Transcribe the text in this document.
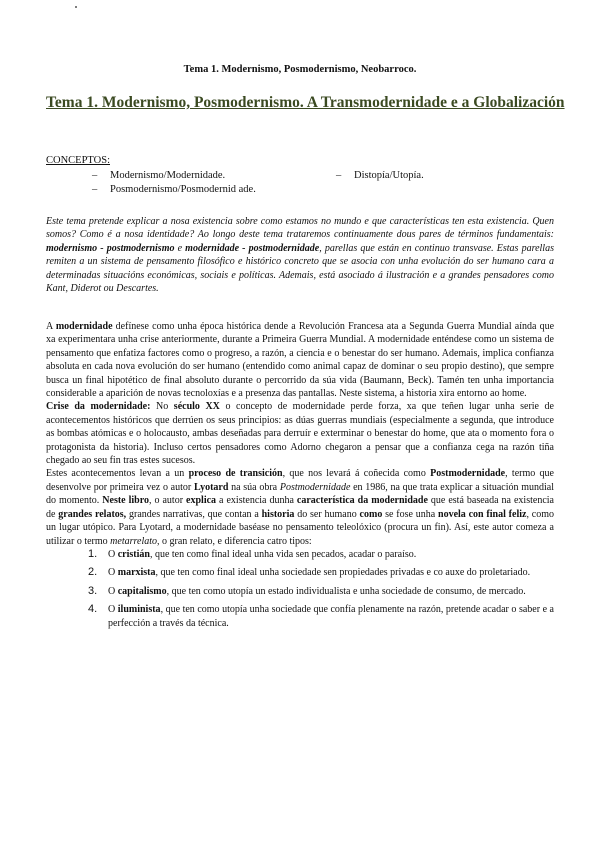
Tema 1. Modernismo, Posmodernismo, Neobarroco.
Tema 1. Modernismo, Posmodernismo. A Transmodernidade e a Globalización
CONCEPTOS:
– Modernismo/Modernidade.
– Posmodernismo/Posmodernid ade.
– Distopía/Utopía.

Este tema pretende explicar a nosa existencia sobre como estamos no mundo e que características ten esta existencia. Quen somos? Como é a nosa identidade? Ao longo deste tema trataremos continuamente dous pares de términos fundamentais: modernismo - postmodernismo e modernidade - postmodernidade, parellas que están en continuo transvase. Estas parellas remiten a un sistema de pensamento filosófico e histórico concreto que se asocia con unha evolución do ser humano cara a determinadas situacións económicas, sociais e políticas. Ademais, está asociado á ilustración e a grandes pensadores como Kant, Diderot ou Descartes.

A modernidade defínese como unha época histórica dende a Revolución Francesa ata a Segunda Guerra Mundial aínda que xa experimentara unha crise anteriormente, durante a Primeira Guerra Mundial. A modernidade enténdese como un sistema de pensamento que enfatiza factores como o progreso, a razón, a ciencia e o benestar do ser humano. Ademais, implica confianza absoluta en cada nova evolución do ser humano (entendido como animal capaz de dominar o seu propio destino), que sempre busca un final hipotético de final absoluto durante o percorrido da súa vida (Baumann, Beck). Tamén ten unha importancia considerable a aparición de novas tecnoloxías e a presenza das pantallas. Neste sistema, a historia xira entorno ao home.

Crise da modernidade: No século XX o concepto de modernidade perde forza, xa que teñen lugar unha serie de acontecementos históricos que derrúen os seus principios: as dúas guerras mundiais (especialmente a segunda, que introduce as bombas atómicas e o holocausto, ambas deseñadas para derruír e exterminar o benestar do home, que ata o momento fora o protagonista da historia). Incluso certos pensadores como Adorno chegaron a pensar que a confianza cega na razón tiña chegado ao seu fin tras estes sucesos.

Estes acontecementos levan a un proceso de transición, que nos levará á coñecida como Postmodernidade, termo que desenvolve por primeira vez o autor Lyotard na súa obra Postmodernidade en 1986, na que trata explicar a situación mundial do momento. Neste libro, o autor explica a existencia dunha característica da modernidade que está baseada na existencia de grandes relatos, grandes narrativas, que contan a historia do ser humano como se fose unha novela con final feliz, como un lugar utópico. Para Lyotard, a modernidade baséase no pensamento teleolóxico (procura un fin). Así, este autor comeza a utilizar o termo metarrelato, o gran relato, e diferencia catro tipos:

1. O cristián, que ten como final ideal unha vida sen pecados, acadar o paraíso.
2. O marxista, que ten como final ideal unha sociedade sen propiedades privadas e co auxe do proletariado.
3. O capitalismo, que ten como utopía un estado individualista e unha sociedade de consumo, de mercado.
4. O iluminista, que ten como utopía unha sociedade que confía plenamente na razón, pretende acadar o saber e a perfección a través da técnica.
